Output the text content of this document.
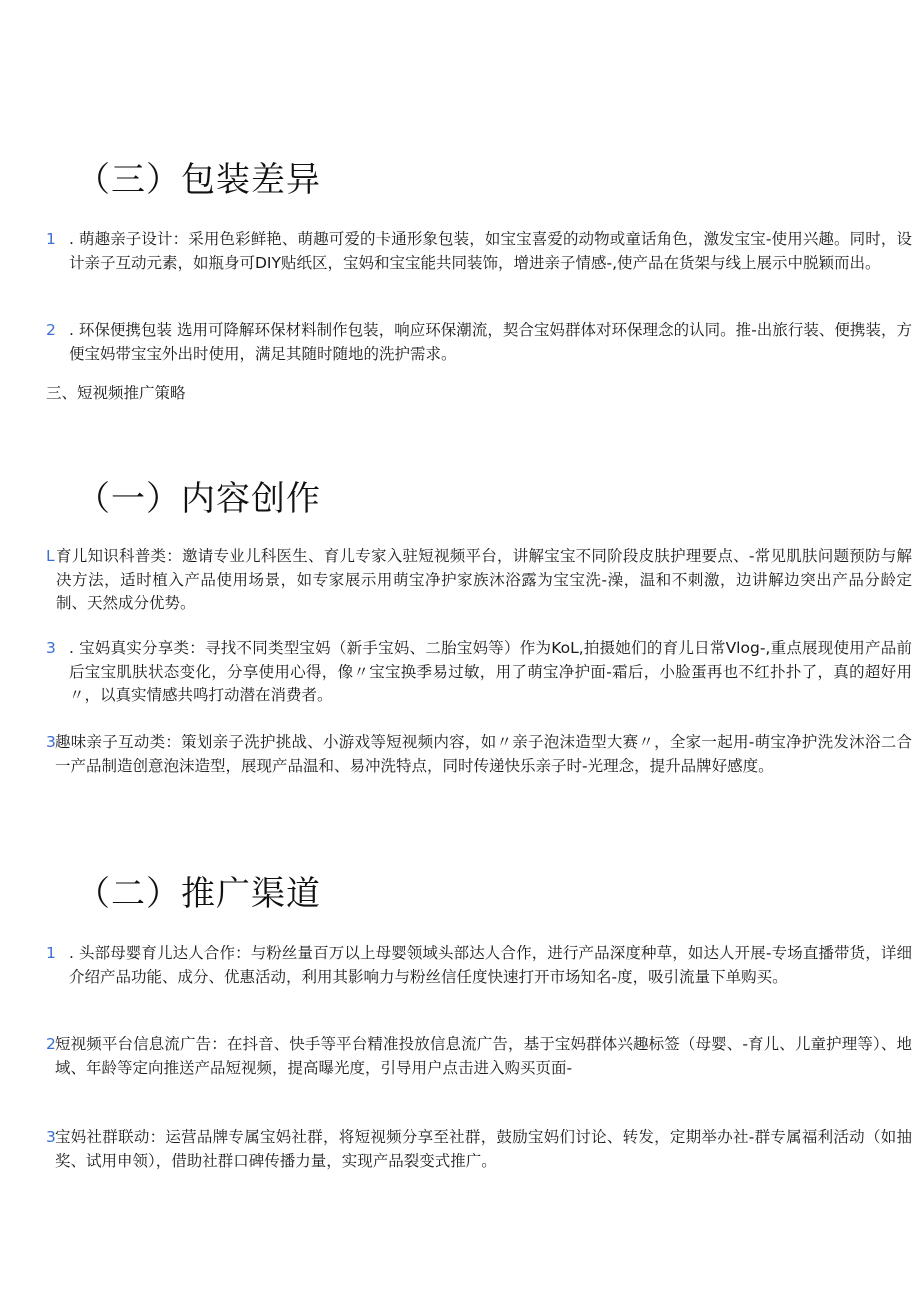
（三）包装差异
1 . 萌趣亲子设计：采用色彩鲜艳、萌趣可爱的卡通形象包装，如宝宝喜爱的动物或童话角色，激发宝宝-使用兴趣。同时，设计亲子互动元素，如瓶身可DIY贴纸区，宝妈和宝宝能共同装饰，增进亲子情感-,使产品在货架与线上展示中脱颖而出。
2 . 环保便携包装 选用可降解环保材料制作包装，响应环保潮流，契合宝妈群体对环保理念的认同。推-出旅行装、便携装，方便宝妈带宝宝外出时使用，满足其随时随地的洗护需求。
三、短视频推广策略
（一）内容创作
L 育儿知识科普类：邀请专业儿科医生、育儿专家入驻短视频平台，讲解宝宝不同阶段皮肤护理要点、-常见肌肤问题预防与解决方法，适时植入产品使用场景，如专家展示用萌宝净护家族沐浴露为宝宝洗-澡，温和不刺激，边讲解边突出产品分龄定制、天然成分优势。
3 . 宝妈真实分享类：寻找不同类型宝妈（新手宝妈、二胎宝妈等）作为KoL,拍摄她们的育儿日常Vlog-,重点展现使用产品前后宝宝肌肤状态变化，分享使用心得，像〃宝宝换季易过敏，用了萌宝净护面-霜后，小脸蛋再也不红扑扑了，真的超好用〃，以真实情感共鸣打动潜在消费者。
3 趣味亲子互动类：策划亲子洗护挑战、小游戏等短视频内容，如〃亲子泡沫造型大赛〃，全家一起用-萌宝净护洗发沐浴二合一产品制造创意泡沫造型，展现产品温和、易冲洗特点，同时传递快乐亲子时-光理念，提升品牌好感度。
（二）推广渠道
1 . 头部母婴育儿达人合作：与粉丝量百万以上母婴领域头部达人合作，进行产品深度种草，如达人开展-专场直播带货，详细介绍产品功能、成分、优惠活动，利用其影响力与粉丝信任度快速打开市场知名-度，吸引流量下单购买。
2 短视频平台信息流广告：在抖音、快手等平台精准投放信息流广告，基于宝妈群体兴趣标签（母婴、-育儿、儿童护理等）、地域、年龄等定向推送产品短视频，提高曝光度，引导用户点击进入购买页面-
3 宝妈社群联动：运营品牌专属宝妈社群，将短视频分享至社群，鼓励宝妈们讨论、转发，定期举办社-群专属福利活动（如抽奖、试用申领），借助社群口碑传播力量，实现产品裂变式推广。
